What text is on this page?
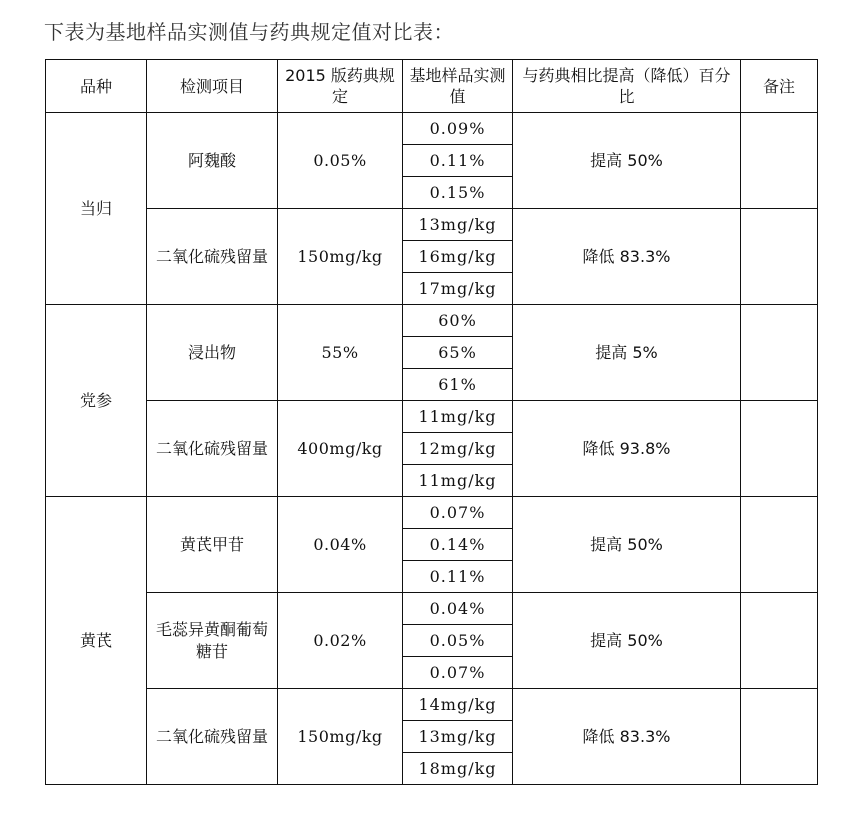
下表为基地样品实测值与药典规定值对比表：
品种	检测项目	2015 版药典规定	基地样品实测值	与药典相比提高（降低）百分比	备注
当归	阿魏酸	0.05%	0.09%	提高 50%	
			0.11%		
			0.15%		
	二氧化硫残留量	150mg/kg	13mg/kg	降低 83.3%	
			16mg/kg		
			17mg/kg		
党参	浸出物	55%	60%	提高 5%	
			65%		
			61%		
	二氧化硫残留量	400mg/kg	11mg/kg	降低 93.8%	
			12mg/kg		
			11mg/kg		
黄芪	黄芪甲苷	0.04%	0.07%	提高 50%	
			0.14%		
			0.11%		
	毛蕊异黄酮葡萄糖苷	0.02%	0.04%	提高 50%	
			0.05%		
			0.07%		
	二氧化硫残留量	150mg/kg	14mg/kg	降低 83.3%	
			13mg/kg		
			18mg/kg		
